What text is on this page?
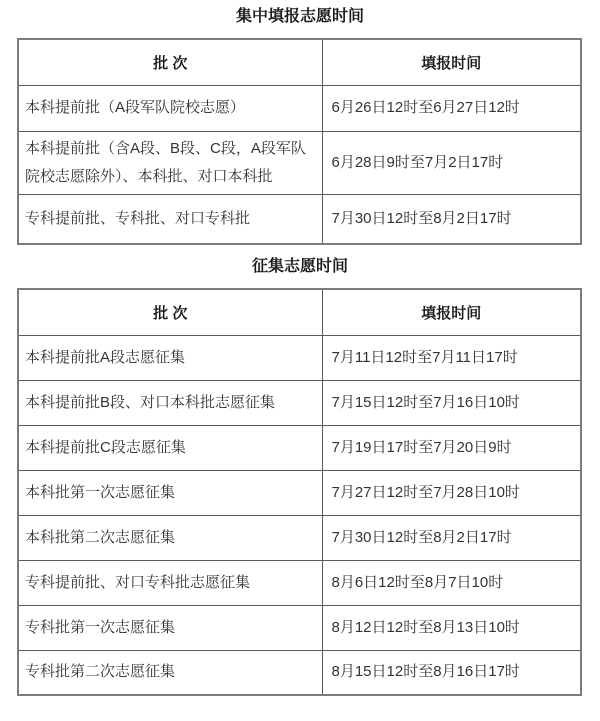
集中填报志愿时间
批 次	填报时间
本科提前批（A段军队院校志愿）	6月26日12时至6月27日12时
本科提前批（含A段、B段、C段，A段军队院校志愿除外）、本科批、对口本科批	6月28日9时至7月2日17时
专科提前批、专科批、对口专科批	7月30日12时至8月2日17时
征集志愿时间
批 次	填报时间
本科提前批A段志愿征集	7月11日12时至7月11日17时
本科提前批B段、对口本科批志愿征集	7月15日12时至7月16日10时
本科提前批C段志愿征集	7月19日17时至7月20日9时
本科批第一次志愿征集	7月27日12时至7月28日10时
本科批第二次志愿征集	7月30日12时至8月2日17时
专科提前批、对口专科批志愿征集	8月6日12时至8月7日10时
专科批第一次志愿征集	8月12日12时至8月13日10时
专科批第二次志愿征集	8月15日12时至8月16日17时
